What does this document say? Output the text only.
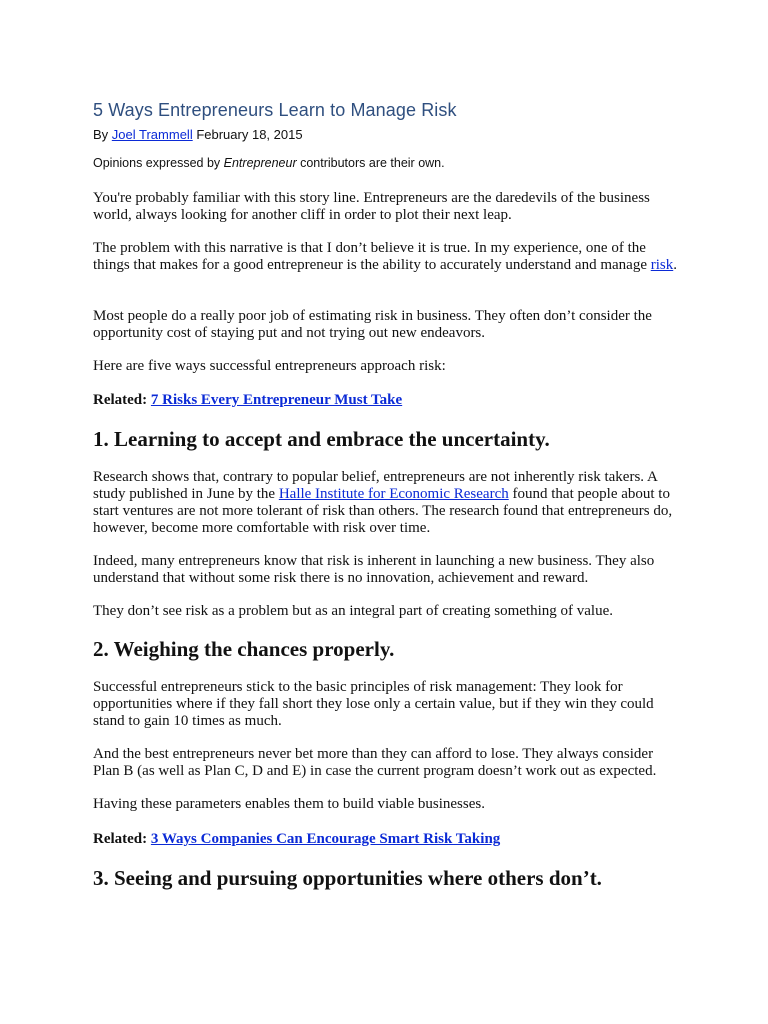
5 Ways Entrepreneurs Learn to Manage Risk

By Joel Trammell February 18, 2015

Opinions expressed by Entrepreneur contributors are their own.

You're probably familiar with this story line. Entrepreneurs are the daredevils of the business world, always looking for another cliff in order to plot their next leap.

The problem with this narrative is that I don’t believe it is true. In my experience, one of the things that makes for a good entrepreneur is the ability to accurately understand and manage risk.

Most people do a really poor job of estimating risk in business. They often don’t consider the opportunity cost of staying put and not trying out new endeavors.

Here are five ways successful entrepreneurs approach risk:

Related: 7 Risks Every Entrepreneur Must Take

1. Learning to accept and embrace the uncertainty.

Research shows that, contrary to popular belief, entrepreneurs are not inherently risk takers. A study published in June by the Halle Institute for Economic Research found that people about to start ventures are not more tolerant of risk than others. The research found that entrepreneurs do, however, become more comfortable with risk over time.

Indeed, many entrepreneurs know that risk is inherent in launching a new business. They also understand that without some risk there is no innovation, achievement and reward.

They don’t see risk as a problem but as an integral part of creating something of value.

2. Weighing the chances properly.

Successful entrepreneurs stick to the basic principles of risk management: They look for opportunities where if they fall short they lose only a certain value, but if they win they could stand to gain 10 times as much.

And the best entrepreneurs never bet more than they can afford to lose. They always consider Plan B (as well as Plan C, D and E) in case the current program doesn’t work out as expected.

Having these parameters enables them to build viable businesses.

Related: 3 Ways Companies Can Encourage Smart Risk Taking

3. Seeing and pursuing opportunities where others don’t.
